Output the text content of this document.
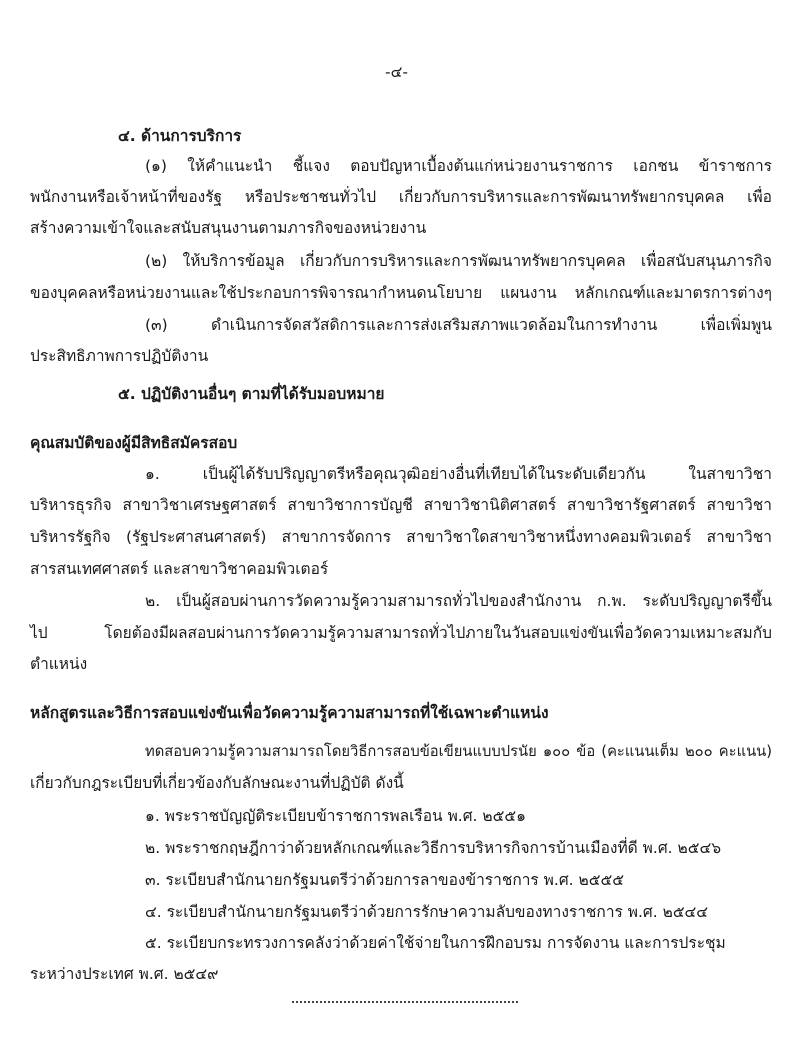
-๔-
๔. ด้านการบริการ
(๑) ให้คำแนะนำ ชี้แจง ตอบปัญหาเบื้องต้นแก่หน่วยงานราชการ เอกชน ข้าราชการ
พนักงานหรือเจ้าหน้าที่ของรัฐ หรือประชาชนทั่วไป เกี่ยวกับการบริหารและการพัฒนาทรัพยากรบุคคล เพื่อ
สร้างความเข้าใจและสนับสนุนงานตามภารกิจของหน่วยงาน
(๒) ให้บริการข้อมูล เกี่ยวกับการบริหารและการพัฒนาทรัพยากรบุคคล เพื่อสนับสนุนภารกิจ
ของบุคคลหรือหน่วยงานและใช้ประกอบการพิจารณากำหนดนโยบาย แผนงาน หลักเกณฑ์และมาตรการต่างๆ
(๓) ดำเนินการจัดสวัสดิการและการส่งเสริมสภาพแวดล้อมในการทำงาน เพื่อเพิ่มพูน
ประสิทธิภาพการปฏิบัติงาน
๕. ปฏิบัติงานอื่นๆ ตามที่ได้รับมอบหมาย
คุณสมบัติของผู้มีสิทธิสมัครสอบ
๑. เป็นผู้ได้รับปริญญาตรีหรือคุณวุฒิอย่างอื่นที่เทียบได้ในระดับเดียวกัน ในสาขาวิชา
บริหารธุรกิจ สาขาวิชาเศรษฐศาสตร์ สาขาวิชาการบัญชี สาขาวิชานิติศาสตร์ สาขาวิชารัฐศาสตร์ สาขาวิชา
บริหารรัฐกิจ (รัฐประศาสนศาสตร์) สาขาการจัดการ สาขาวิชาใดสาขาวิชาหนึ่งทางคอมพิวเตอร์ สาขาวิชา
สารสนเทศศาสตร์ และสาขาวิชาคอมพิวเตอร์
๒. เป็นผู้สอบผ่านการวัดความรู้ความสามารถทั่วไปของสำนักงาน ก.พ. ระดับปริญญาตรีขึ้น
ไป โดยต้องมีผลสอบผ่านการวัดความรู้ความสามารถทั่วไปภายในวันสอบแข่งขันเพื่อวัดความเหมาะสมกับ
ตำแหน่ง
หลักสูตรและวิธีการสอบแข่งขันเพื่อวัดความรู้ความสามารถที่ใช้เฉพาะตำแหน่ง
ทดสอบความรู้ความสามารถโดยวิธีการสอบข้อเขียนแบบปรนัย ๑๐๐ ข้อ (คะแนนเต็ม ๒๐๐ คะแนน)
เกี่ยวกับกฎระเบียบที่เกี่ยวข้องกับลักษณะงานที่ปฏิบัติ ดังนี้
๑. พระราชบัญญัติระเบียบข้าราชการพลเรือน พ.ศ. ๒๕๕๑
๒. พระราชกฤษฎีกาว่าด้วยหลักเกณฑ์และวิธีการบริหารกิจการบ้านเมืองที่ดี พ.ศ. ๒๕๔๖
๓. ระเบียบสำนักนายกรัฐมนตรีว่าด้วยการลาของข้าราชการ พ.ศ. ๒๕๕๕
๔. ระเบียบสำนักนายกรัฐมนตรีว่าด้วยการรักษาความลับของทางราชการ พ.ศ. ๒๕๔๔
๕. ระเบียบกระทรวงการคลังว่าด้วยค่าใช้จ่ายในการฝึกอบรม การจัดงาน และการประชุม
ระหว่างประเทศ พ.ศ. ๒๕๔๙
